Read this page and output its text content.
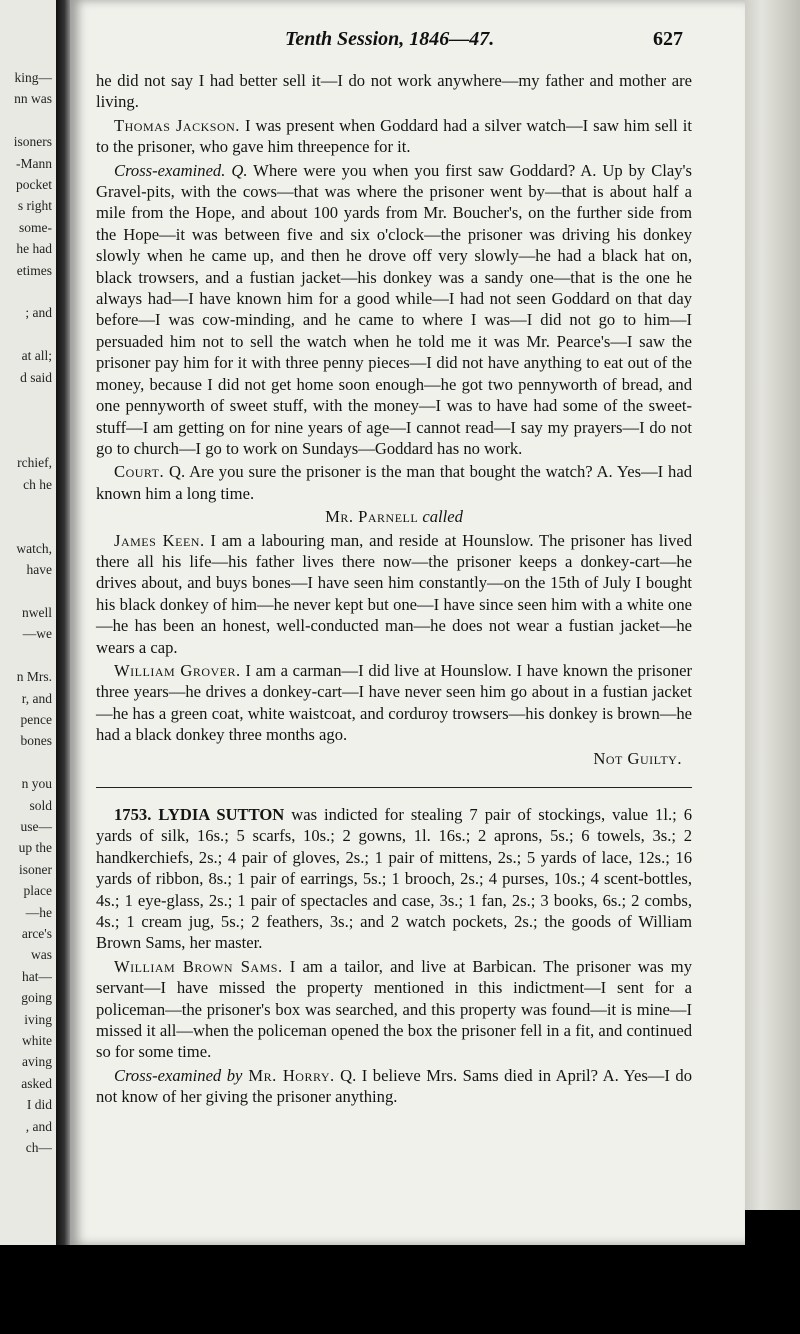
king—
nn was
isoners
-Mann
pocket
s right
some-
he had
etimes
; and
at all;
d said
rchief,
ch he
watch,
have
nwell
—we
n Mrs.
r, and
pence
bones
n you
sold
use—
up the
isoner
place
—he
arce's
was
hat—
going
iving
white
aving
asked
I did
, and
ch—
Tenth Session, 1846—47.	627

he did not say I had better sell it—I do not work anywhere—my father and mother are living.

Thomas Jackson. I was present when Goddard had a silver watch—I saw him sell it to the prisoner, who gave him threepence for it.

Cross-examined. Q. Where were you when you first saw Goddard? A. Up by Clay's Gravel-pits, with the cows—that was where the prisoner went by—that is about half a mile from the Hope, and about 100 yards from Mr. Boucher's, on the further side from the Hope—it was between five and six o'clock—the prisoner was driving his donkey slowly when he came up, and then he drove off very slowly—he had a black hat on, black trowsers, and a fustian jacket—his donkey was a sandy one—that is the one he always had—I have known him for a good while—I had not seen Goddard on that day before—I was cow-minding, and he came to where I was—I did not go to him—I persuaded him not to sell the watch when he told me it was Mr. Pearce's—I saw the prisoner pay him for it with three penny pieces—I did not have anything to eat out of the money, because I did not get home soon enough—he got two pennyworth of bread, and one pennyworth of sweet stuff, with the money—I was to have had some of the sweet-stuff—I am getting on for nine years of age—I cannot read—I say my prayers—I do not go to church—I go to work on Sundays—Goddard has no work.

Court. Q. Are you sure the prisoner is the man that bought the watch? A. Yes—I had known him a long time.

Mr. Parnell called

James Keen. I am a labouring man, and reside at Hounslow. The prisoner has lived there all his life—his father lives there now—the prisoner keeps a donkey-cart—he drives about, and buys bones—I have seen him constantly—on the 15th of July I bought his black donkey of him—he never kept but one—I have since seen him with a white one—he has been an honest, well-conducted man—he does not wear a fustian jacket—he wears a cap.

William Grover. I am a carman—I did live at Hounslow. I have known the prisoner three years—he drives a donkey-cart—I have never seen him go about in a fustian jacket—he has a green coat, white waistcoat, and corduroy trowsers—his donkey is brown—he had a black donkey three months ago.

Not Guilty.

1753. LYDIA SUTTON was indicted for stealing 7 pair of stockings, value 1l.; 6 yards of silk, 16s.; 5 scarfs, 10s.; 2 gowns, 1l. 16s.; 2 aprons, 5s.; 6 towels, 3s.; 2 handkerchiefs, 2s.; 4 pair of gloves, 2s.; 1 pair of mittens, 2s.; 5 yards of lace, 12s.; 16 yards of ribbon, 8s.; 1 pair of earrings, 5s.; 1 brooch, 2s.; 4 purses, 10s.; 4 scent-bottles, 4s.; 1 eye-glass, 2s.; 1 pair of spectacles and case, 3s.; 1 fan, 2s.; 3 books, 6s.; 2 combs, 4s.; 1 cream jug, 5s.; 2 feathers, 3s.; and 2 watch pockets, 2s.; the goods of William Brown Sams, her master.

William Brown Sams. I am a tailor, and live at Barbican. The prisoner was my servant—I have missed the property mentioned in this indictment—I sent for a policeman—the prisoner's box was searched, and this property was found—it is mine—I missed it all—when the policeman opened the box the prisoner fell in a fit, and continued so for some time.

Cross-examined by Mr. Horry. Q. I believe Mrs. Sams died in April? A. Yes—I do not know of her giving the prisoner anything.
